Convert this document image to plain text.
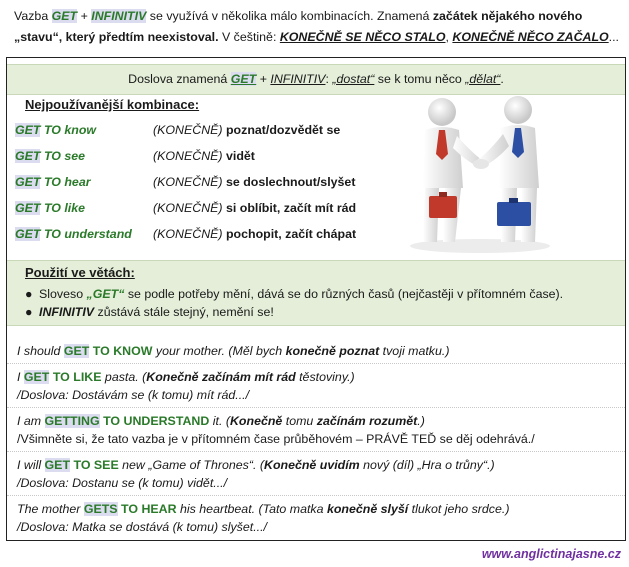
Vazba GET + INFINITIV se využívá v několika málo kombinacích. Znamená začátek nějakého nového
„stavu“, který předtím neexistoval. V češtině: KONEČNĚ SE NĚCO STALO, KONEČNĚ NĚCO ZAČALO...
Doslova znamená GET + INFINITIV: „dostat“ se k tomu něco „dělat“.
Nejpoužívanější kombinace:
GET TO know	(KONEČNĚ) poznat/dozvědět se
GET TO see	(KONEČNĚ) vidět
GET TO hear	(KONEČNĚ) se doslechnout/slyšet
GET TO like	(KONEČNĚ) si oblíbit, začít mít rád
GET TO understand	(KONEČNĚ) pochopit, začít chápat
Použití ve větách:
● Sloveso „GET“ se podle potřeby mění, dává se do různých časů (nejčastěji v přítomném čase).
● INFINITIV zůstává stále stejný, nemění se!
I should GET TO KNOW your mother. (Měl bych konečně poznat tvoji matku.)
I GET TO LIKE pasta. (Konečně začínám mít rád těstoviny.)
/Doslova: Dostávám se (k tomu) mít rád.../
I am GETTING TO UNDERSTAND it. (Konečně tomu začínám rozumět.)
/Všimněte si, že tato vazba je v přítomném čase průběhovém – PRÁVĚ TEĎ se děj odehrává./
I will GET TO SEE new „Game of Thrones“. (Konečně uvidím nový (díl) „Hra o trůny“.)
/Doslova: Dostanu se (k tomu) vidět.../
The mother GETS TO HEAR his heartbeat. (Tato matka konečně slyší tlukot jeho srdce.)
/Doslova: Matka se dostává (k tomu) slyšet.../
www.anglictinajasne.cz
